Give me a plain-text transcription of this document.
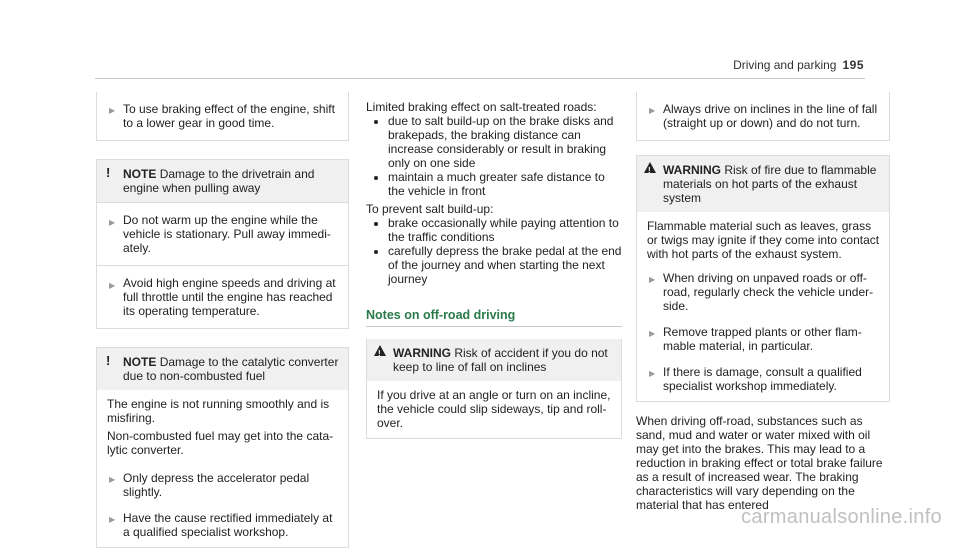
Driving and parking 195
▶ To use braking effect of the engine, shift to a lower gear in good time.
! NOTE Damage to the drivetrain and engine when pulling away
▶ Do not warm up the engine while the vehicle is stationary. Pull away immedi-ately.
▶ Avoid high engine speeds and driving at full throttle until the engine has reached its operating temperature.
! NOTE Damage to the catalytic converter due to non-combusted fuel

The engine is not running smoothly and is misfiring.

Non-combusted fuel may get into the cata-lytic converter.

▶ Only depress the accelerator pedal slightly.
▶ Have the cause rectified immediately at a qualified specialist workshop.

Limited braking effect on salt-treated roads:

• due to salt build-up on the brake disks and brakepads, the braking distance can increase considerably or result in braking only on one side
• maintain a much greater safe distance to the vehicle in front

To prevent salt build-up:

• brake occasionally while paying attention to the traffic conditions
• carefully depress the brake pedal at the end of the journey and when starting the next journey
Notes on off-road driving
! WARNING Risk of accident if you do not keep to line of fall on inclines
If you drive at an angle or turn on an incline, the vehicle could slip sideways, tip and roll-over.
▶ Always drive on inclines in the line of fall (straight up or down) and do not turn.
! WARNING Risk of fire due to flammable materials on hot parts of the exhaust system
Flammable material such as leaves, grass or twigs may ignite if they come into contact with hot parts of the exhaust system.
▶ When driving on unpaved roads or off-road, regularly check the vehicle under-side.
▶ Remove trapped plants or other flam-mable material, in particular.
▶ If there is damage, consult a qualified specialist workshop immediately.
When driving off-road, substances such as sand, mud and water or water mixed with oil may get into the brakes. This may lead to a reduction in braking effect or total brake failure as a result of increased wear. The braking characteristics will vary depending on the material that has entered
carmanualsonline.info
